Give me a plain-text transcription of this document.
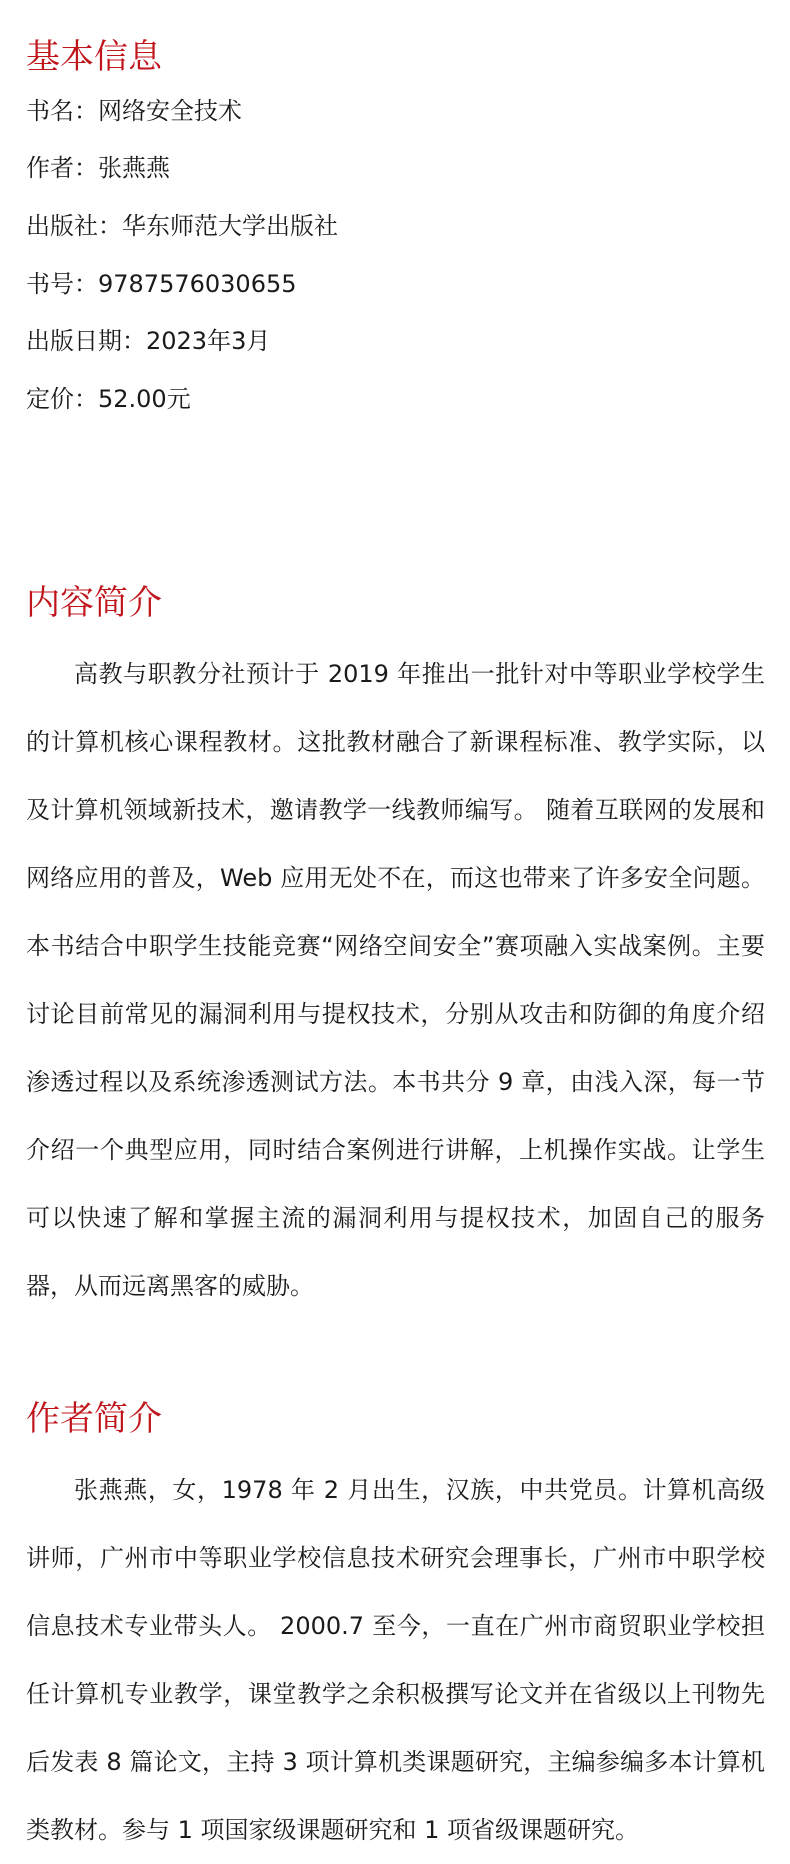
基本信息
书名：网络安全技术
作者：张燕燕
出版社：华东师范大学出版社
书号：9787576030655
出版日期：2023年3月
定价：52.00元
内容简介

高教与职教分社预计于 2019 年推出一批针对中等职业学校学生的计算机核心课程教材。这批教材融合了新课程标准、教学实际，以及计算机领域新技术，邀请教学一线教师编写。 随着互联网的发展和网络应用的普及，Web 应用无处不在，而这也带来了许多安全问题。本书结合中职学生技能竞赛“网络空间安全”赛项融入实战案例。主要讨论目前常见的漏洞利用与提权技术，分别从攻击和防御的角度介绍渗透过程以及系统渗透测试方法。本书共分 9 章，由浅入深，每一节介绍一个典型应用，同时结合案例进行讲解，上机操作实战。让学生可以快速了解和掌握主流的漏洞利用与提权技术，加固自己的服务器，从而远离黑客的威胁。

作者简介

张燕燕，女，1978 年 2 月出生，汉族，中共党员。计算机高级讲师，广州市中等职业学校信息技术研究会理事长，广州市中职学校信息技术专业带头人。 2000.7 至今，一直在广州市商贸职业学校担任计算机专业教学，课堂教学之余积极撰写论文并在省级以上刊物先后发表 8 篇论文，主持 3 项计算机类课题研究，主编参编多本计算机类教材。参与 1 项国家级课题研究和 1 项省级课题研究。
